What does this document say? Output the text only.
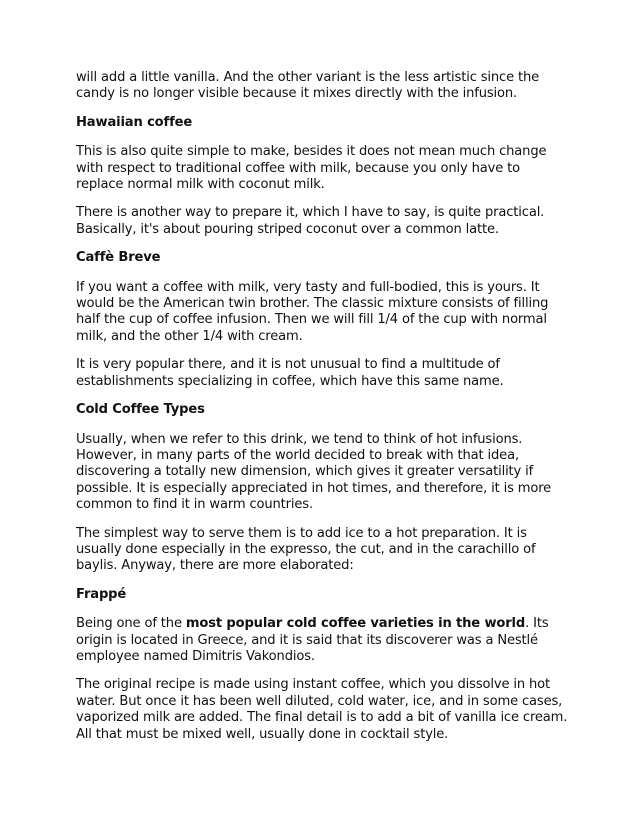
will add a little vanilla. And the other variant is the less artistic since the candy is no longer visible because it mixes directly with the infusion.

Hawaiian coffee

This is also quite simple to make, besides it does not mean much change with respect to traditional coffee with milk, because you only have to replace normal milk with coconut milk.

There is another way to prepare it, which I have to say, is quite practical. Basically, it's about pouring striped coconut over a common latte.

Caffè Breve

If you want a coffee with milk, very tasty and full-bodied, this is yours. It would be the American twin brother. The classic mixture consists of filling half the cup of coffee infusion. Then we will fill 1/4 of the cup with normal milk, and the other 1/4 with cream.

It is very popular there, and it is not unusual to find a multitude of establishments specializing in coffee, which have this same name.

Cold Coffee Types

Usually, when we refer to this drink, we tend to think of hot infusions. However, in many parts of the world decided to break with that idea, discovering a totally new dimension, which gives it greater versatility if possible. It is especially appreciated in hot times, and therefore, it is more common to find it in warm countries.

The simplest way to serve them is to add ice to a hot preparation. It is usually done especially in the expresso, the cut, and in the carachillo of baylis. Anyway, there are more elaborated:

Frappé

Being one of the most popular cold coffee varieties in the world. Its origin is located in Greece, and it is said that its discoverer was a Nestlé employee named Dimitris Vakondios.

The original recipe is made using instant coffee, which you dissolve in hot water. But once it has been well diluted, cold water, ice, and in some cases, vaporized milk are added. The final detail is to add a bit of vanilla ice cream. All that must be mixed well, usually done in cocktail style.
